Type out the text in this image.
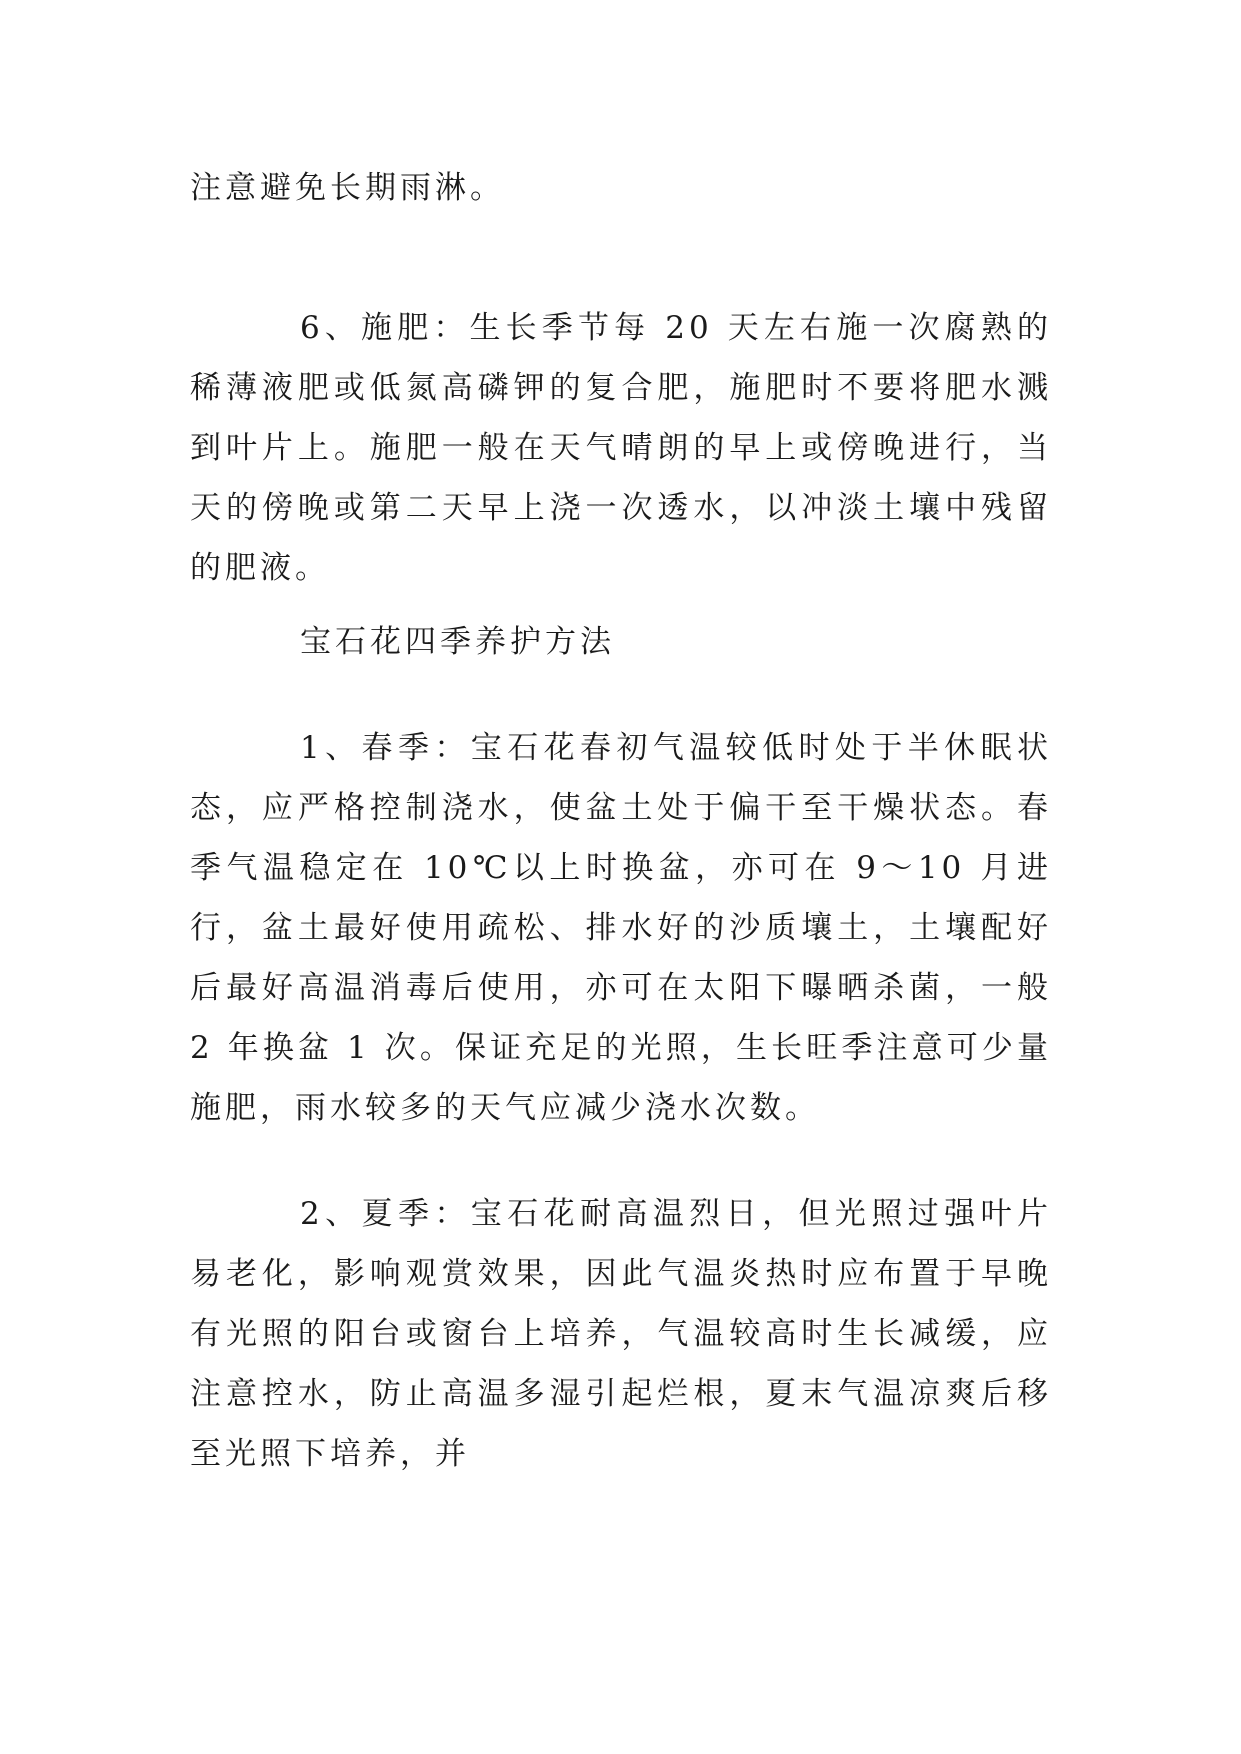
注意避免长期雨淋。

6、施肥：生长季节每 20 天左右施一次腐熟的稀薄液肥或低氮高磷钾的复合肥，施肥时不要将肥水溅到叶片上。施肥一般在天气晴朗的早上或傍晚进行，当天的傍晚或第二天早上浇一次透水，以冲淡土壤中残留的肥液。

宝石花四季养护方法

1、春季：宝石花春初气温较低时处于半休眠状态，应严格控制浇水，使盆土处于偏干至干燥状态。春季气温稳定在 10℃以上时换盆，亦可在 9～10 月进行，盆土最好使用疏松、排水好的沙质壤土，土壤配好后最好高温消毒后使用，亦可在太阳下曝晒杀菌，一般 2 年换盆 1 次。保证充足的光照，生长旺季注意可少量施肥，雨水较多的天气应减少浇水次数。

2、夏季：宝石花耐高温烈日，但光照过强叶片易老化，影响观赏效果，因此气温炎热时应布置于早晚有光照的阳台或窗台上培养，气温较高时生长减缓，应注意控水，防止高温多湿引起烂根，夏末气温凉爽后移至光照下培养，并
